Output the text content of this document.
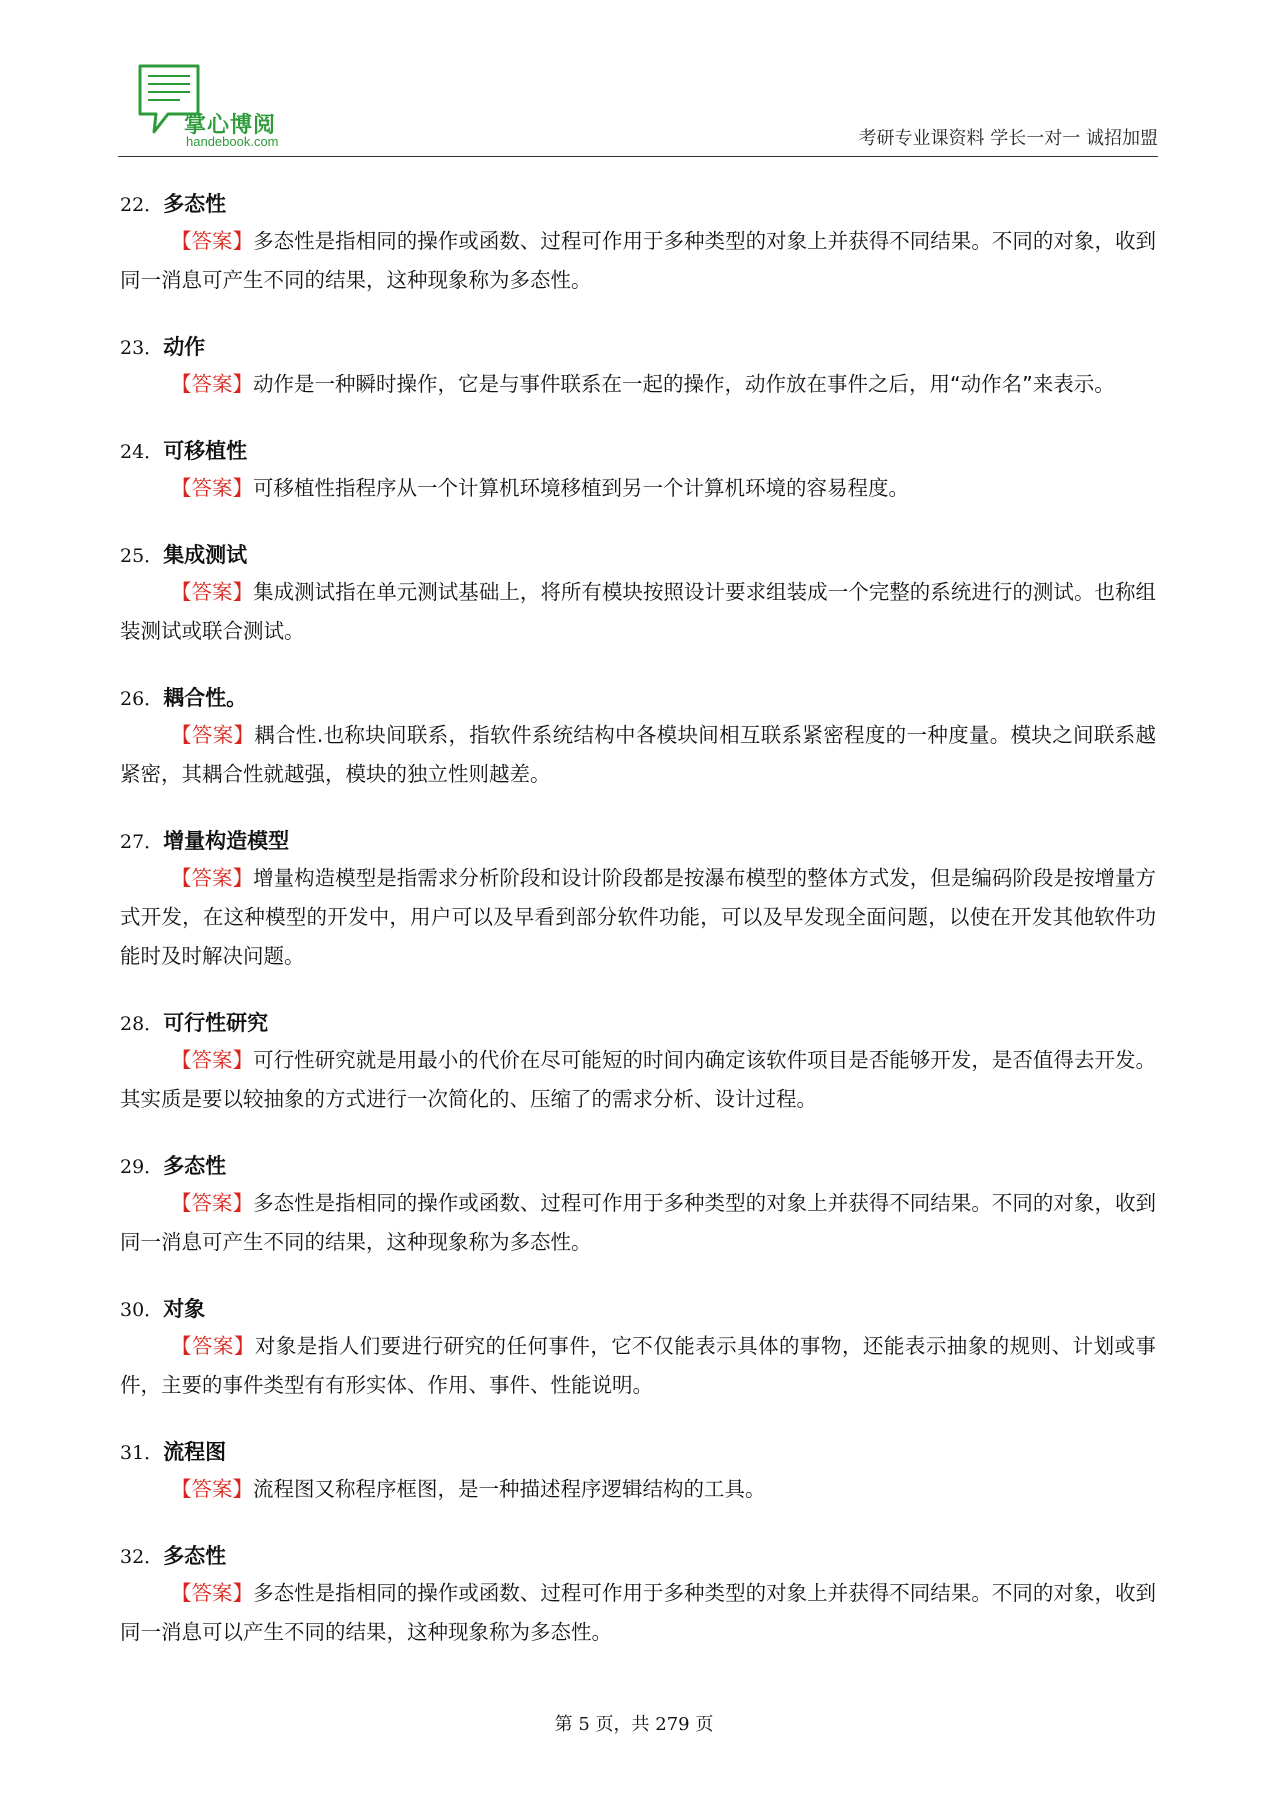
掌心博阅
handebook.com	考研专业课资料 学长一对一 诚招加盟
22．多态性

【答案】多态性是指相同的操作或函数、过程可作用于多种类型的对象上并获得不同结果。不同的对象，收到同一消息可产生不同的结果，这种现象称为多态性。

23．动作

【答案】动作是一种瞬时操作，它是与事件联系在一起的操作，动作放在事件之后，用“动作名”来表示。

24．可移植性

【答案】可移植性指程序从一个计算机环境移植到另一个计算机环境的容易程度。

25．集成测试

【答案】集成测试指在单元测试基础上，将所有模块按照设计要求组装成一个完整的系统进行的测试。也称组装测试或联合测试。

26．耦合性。

【答案】耦合性.也称块间联系，指软件系统结构中各模块间相互联系紧密程度的一种度量。模块之间联系越紧密，其耦合性就越强，模块的独立性则越差。

27．增量构造模型

【答案】增量构造模型是指需求分析阶段和设计阶段都是按瀑布模型的整体方式发，但是编码阶段是按增量方式开发，在这种模型的开发中，用户可以及早看到部分软件功能，可以及早发现全面问题，以使在开发其他软件功能时及时解决问题。

28．可行性研究

【答案】可行性研究就是用最小的代价在尽可能短的时间内确定该软件项目是否能够开发，是否值得去开发。其实质是要以较抽象的方式进行一次简化的、压缩了的需求分析、设计过程。

29．多态性

【答案】多态性是指相同的操作或函数、过程可作用于多种类型的对象上并获得不同结果。不同的对象，收到同一消息可产生不同的结果，这种现象称为多态性。

30．对象

【答案】对象是指人们要进行研究的任何事件，它不仅能表示具体的事物，还能表示抽象的规则、计划或事件，主要的事件类型有有形实体、作用、事件、性能说明。

31．流程图

【答案】流程图又称程序框图，是一种描述程序逻辑结构的工具。

32．多态性

【答案】多态性是指相同的操作或函数、过程可作用于多种类型的对象上并获得不同结果。不同的对象，收到同一消息可以产生不同的结果，这种现象称为多态性。

第 5 页，共 279 页
